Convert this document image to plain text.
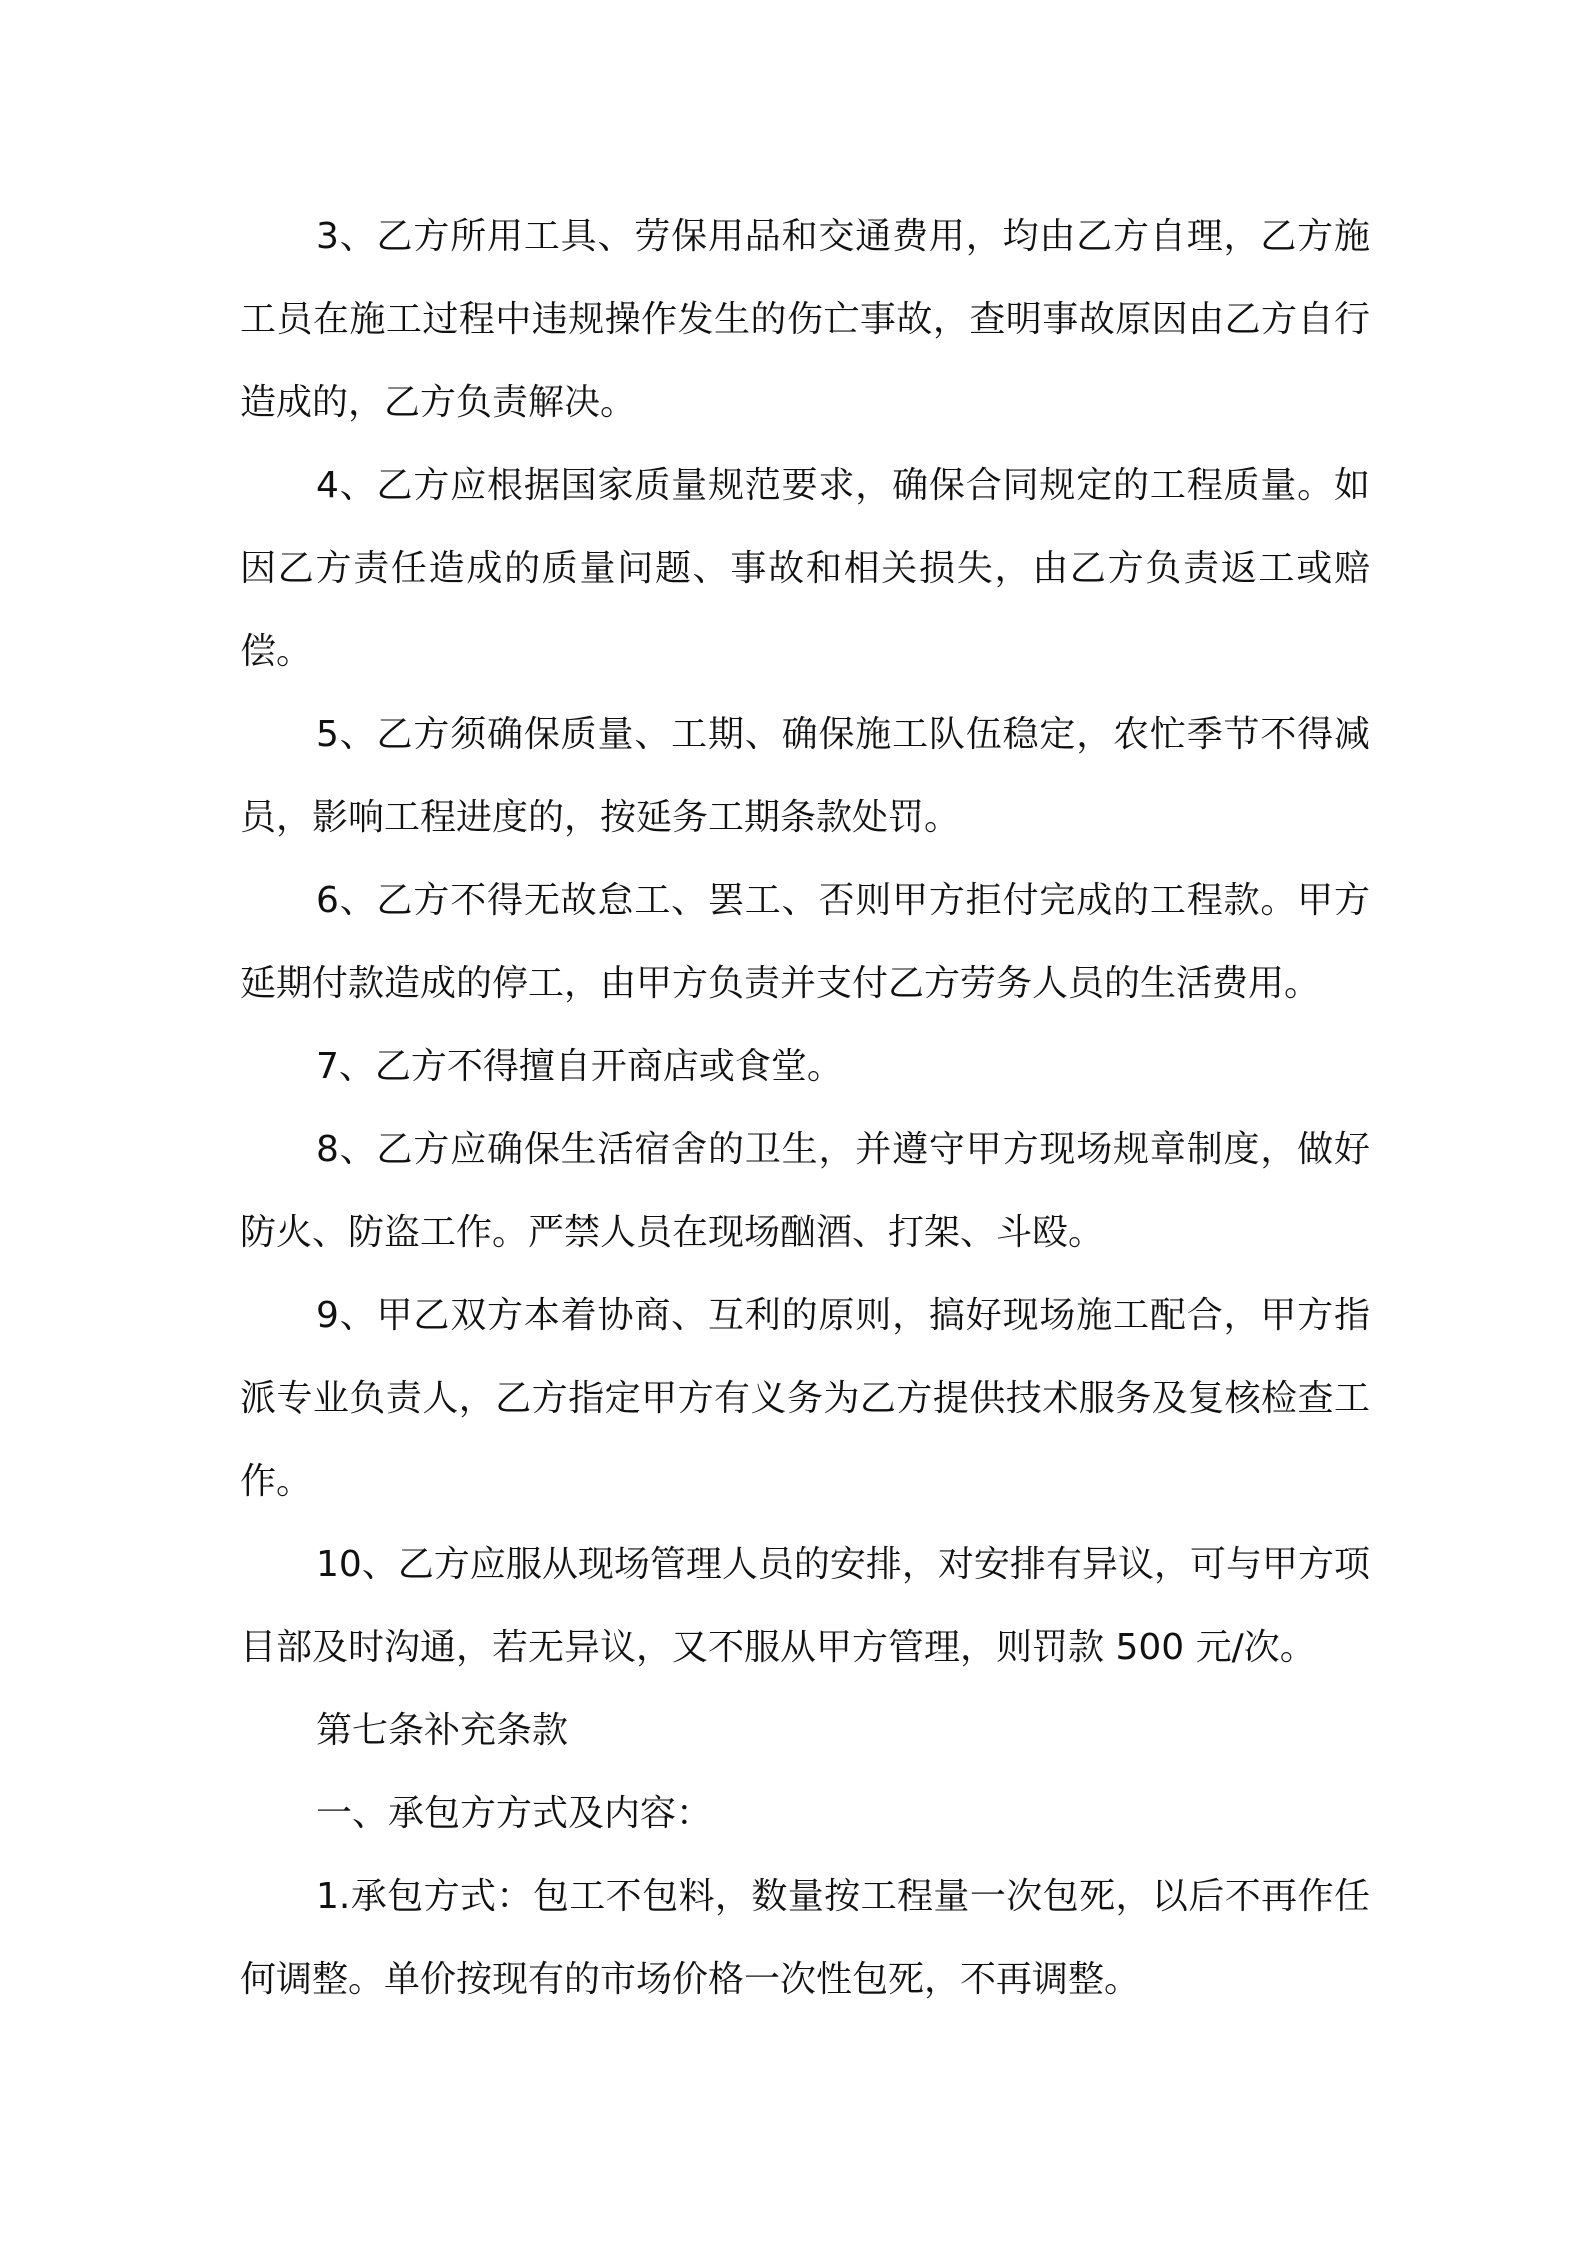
3、乙方所用工具、劳保用品和交通费用，均由乙方自理，乙方施工员在施工过程中违规操作发生的伤亡事故，查明事故原因由乙方自行造成的，乙方负责解决。

4、乙方应根据国家质量规范要求，确保合同规定的工程质量。如因乙方责任造成的质量问题、事故和相关损失，由乙方负责返工或赔偿。

5、乙方须确保质量、工期、确保施工队伍稳定，农忙季节不得减员，影响工程进度的，按延务工期条款处罚。

6、乙方不得无故怠工、罢工、否则甲方拒付完成的工程款。甲方延期付款造成的停工，由甲方负责并支付乙方劳务人员的生活费用。

7、乙方不得擅自开商店或食堂。

8、乙方应确保生活宿舍的卫生，并遵守甲方现场规章制度，做好防火、防盗工作。严禁人员在现场酗酒、打架、斗殴。

9、甲乙双方本着协商、互利的原则，搞好现场施工配合，甲方指派专业负责人，乙方指定甲方有义务为乙方提供技术服务及复核检查工作。

10、乙方应服从现场管理人员的安排，对安排有异议，可与甲方项目部及时沟通，若无异议，又不服从甲方管理，则罚款 500 元/次。

第七条补充条款

一、承包方方式及内容：

1.承包方式：包工不包料，数量按工程量一次包死，以后不再作任何调整。单价按现有的市场价格一次性包死，不再调整。
